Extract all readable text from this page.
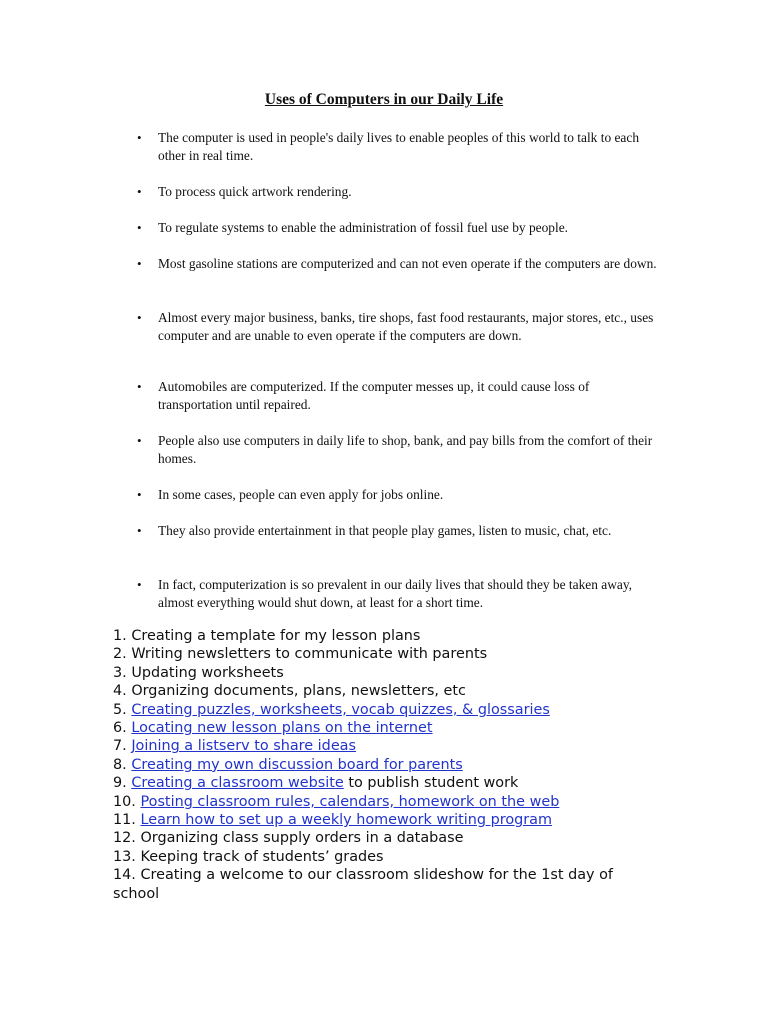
Uses of Computers in our Daily Life
• The computer is used in people's daily lives to enable peoples of this world to talk to each other in real time.
• To process quick artwork rendering.
• To regulate systems to enable the administration of fossil fuel use by people.
• Most gasoline stations are computerized and can not even operate if the computers are down.
• Almost every major business, banks, tire shops, fast food restaurants, major stores, etc., uses computer and are unable to even operate if the computers are down.
• Automobiles are computerized. If the computer messes up, it could cause loss of transportation until repaired.
• People also use computers in daily life to shop, bank, and pay bills from the comfort of their homes.
• In some cases, people can even apply for jobs online.
• They also provide entertainment in that people play games, listen to music, chat, etc.
• In fact, computerization is so prevalent in our daily lives that should they be taken away, almost everything would shut down, at least for a short time.
1. Creating a template for my lesson plans
2. Writing newsletters to communicate with parents
3. Updating worksheets
4. Organizing documents, plans, newsletters, etc
5. Creating puzzles, worksheets, vocab quizzes, & glossaries
6. Locating new lesson plans on the internet
7. Joining a listserv to share ideas
8. Creating my own discussion board for parents
9. Creating a classroom website to publish student work
10. Posting classroom rules, calendars, homework on the web
11. Learn how to set up a weekly homework writing program
12. Organizing class supply orders in a database
13. Keeping track of students’ grades
14. Creating a welcome to our classroom slideshow for the 1st day of school
